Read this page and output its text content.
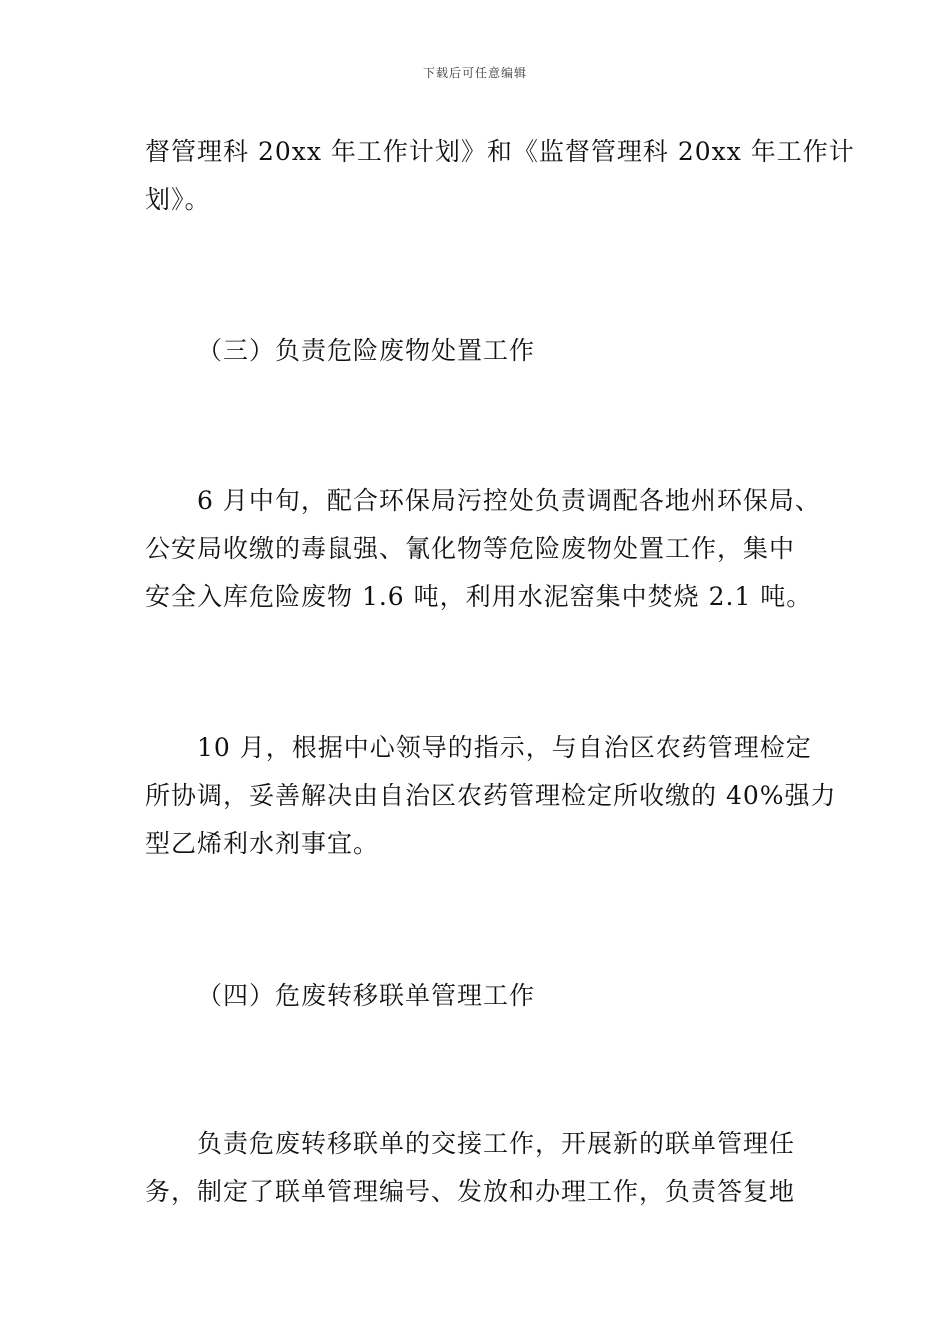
下载后可任意编辑
督管理科 20xx 年工作计划》和《监督管理科 20xx 年工作计
划》。
（三）负责危险废物处置工作
6 月中旬，配合环保局污控处负责调配各地州环保局、
公安局收缴的毒鼠强、氰化物等危险废物处置工作，集中
安全入库危险废物 1.6 吨，利用水泥窑集中焚烧 2.1 吨。
10 月，根据中心领导的指示，与自治区农药管理检定
所协调，妥善解决由自治区农药管理检定所收缴的 40%强力
型乙烯利水剂事宜。
（四）危废转移联单管理工作
负责危废转移联单的交接工作，开展新的联单管理任
务，制定了联单管理编号、发放和办理工作，负责答复地
